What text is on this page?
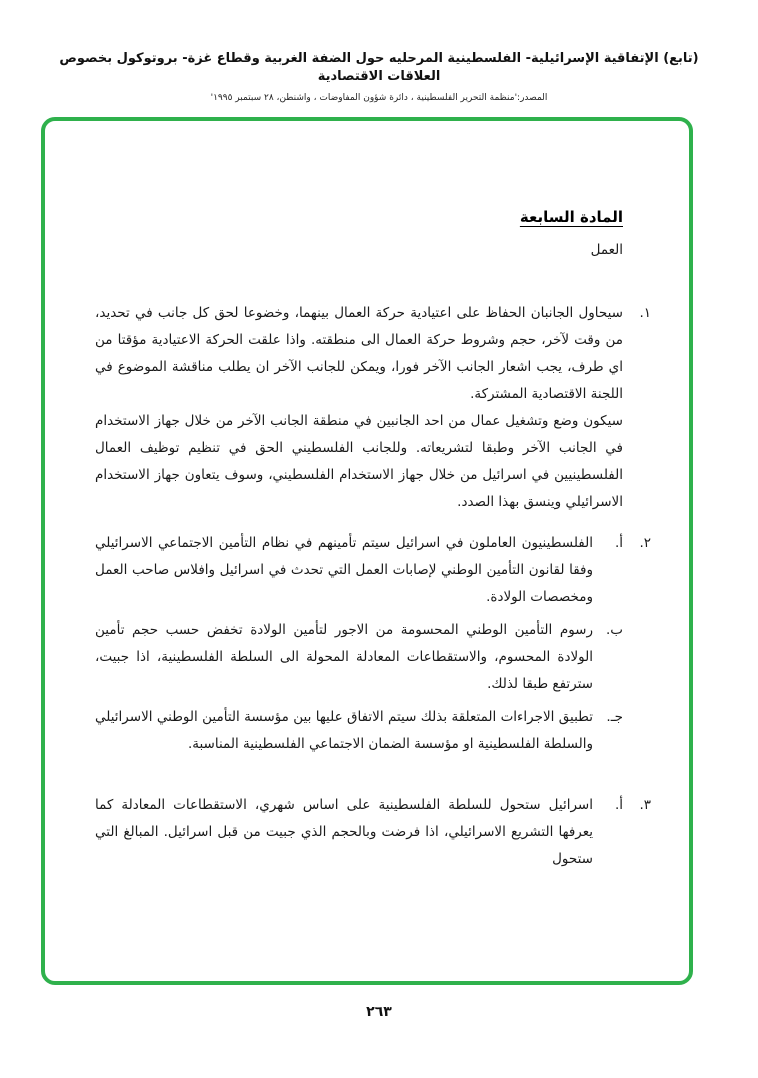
(تابع) الإتفاقية الإسرائيلية- الفلسطينية المرحليه حول الضفة الغربية وقطاع غزة- بروتوكول بخصوص العلاقات الاقتصادية
المصدر:'منظمة التحرير الفلسطينية ، دائرة شؤون المفاوضات ، واشنطن، ٢٨ سبتمبر ١٩٩٥'
المادة السابعة
العمل
١.

سيحاول الجانبان الحفاظ على اعتيادية حركة العمال بينهما، وخضوعا لحق كل جانب في تحديد، من وقت لآخر، حجم وشروط حركة العمال الى منطقته. واذا علقت الحركة الاعتيادية مؤقتا من اي طرف، يجب اشعار الجانب الآخر فورا، ويمكن للجانب الآخر ان يطلب مناقشة الموضوع في اللجنة الاقتصادية المشتركة.

سيكون وضع وتشغيل عمال من احد الجانبين في منطقة الجانب الآخر من خلال جهاز الاستخدام في الجانب الآخر وطبقا لتشريعاته. وللجانب الفلسطيني الحق في تنظيم توظيف العمال الفلسطينيين في اسرائيل من خلال جهاز الاستخدام الفلسطيني، وسوف يتعاون جهاز الاستخدام الاسرائيلي وينسق بهذا الصدد.

٢.
أ.
الفلسطينيون العاملون في اسرائيل سيتم تأمينهم في نظام التأمين الاجتماعي الاسرائيلي وفقا لقانون التأمين الوطني لإصابات العمل التي تحدث في اسرائيل وافلاس صاحب العمل ومخصصات الولادة.
ب.
رسوم التأمين الوطني المحسومة من الاجور لتأمين الولادة تخفض حسب حجم تأمين الولادة المحسوم، والاستقطاعات المعادلة المحولة الى السلطة الفلسطينية، اذا جبيت، سترتفع طبقا لذلك.
جـ.
تطبيق الاجراءات المتعلقة بذلك سيتم الاتفاق عليها بين مؤسسة التأمين الوطني الاسرائيلي والسلطة الفلسطينية او مؤسسة الضمان الاجتماعي الفلسطينية المناسبة.
٣.
أ.
اسرائيل ستحول للسلطة الفلسطينية على اساس شهري، الاستقطاعات المعادلة كما يعرفها التشريع الاسرائيلي، اذا فرضت وبالحجم الذي جبيت من قبل اسرائيل. المبالغ التي ستحول
٢٦٣
